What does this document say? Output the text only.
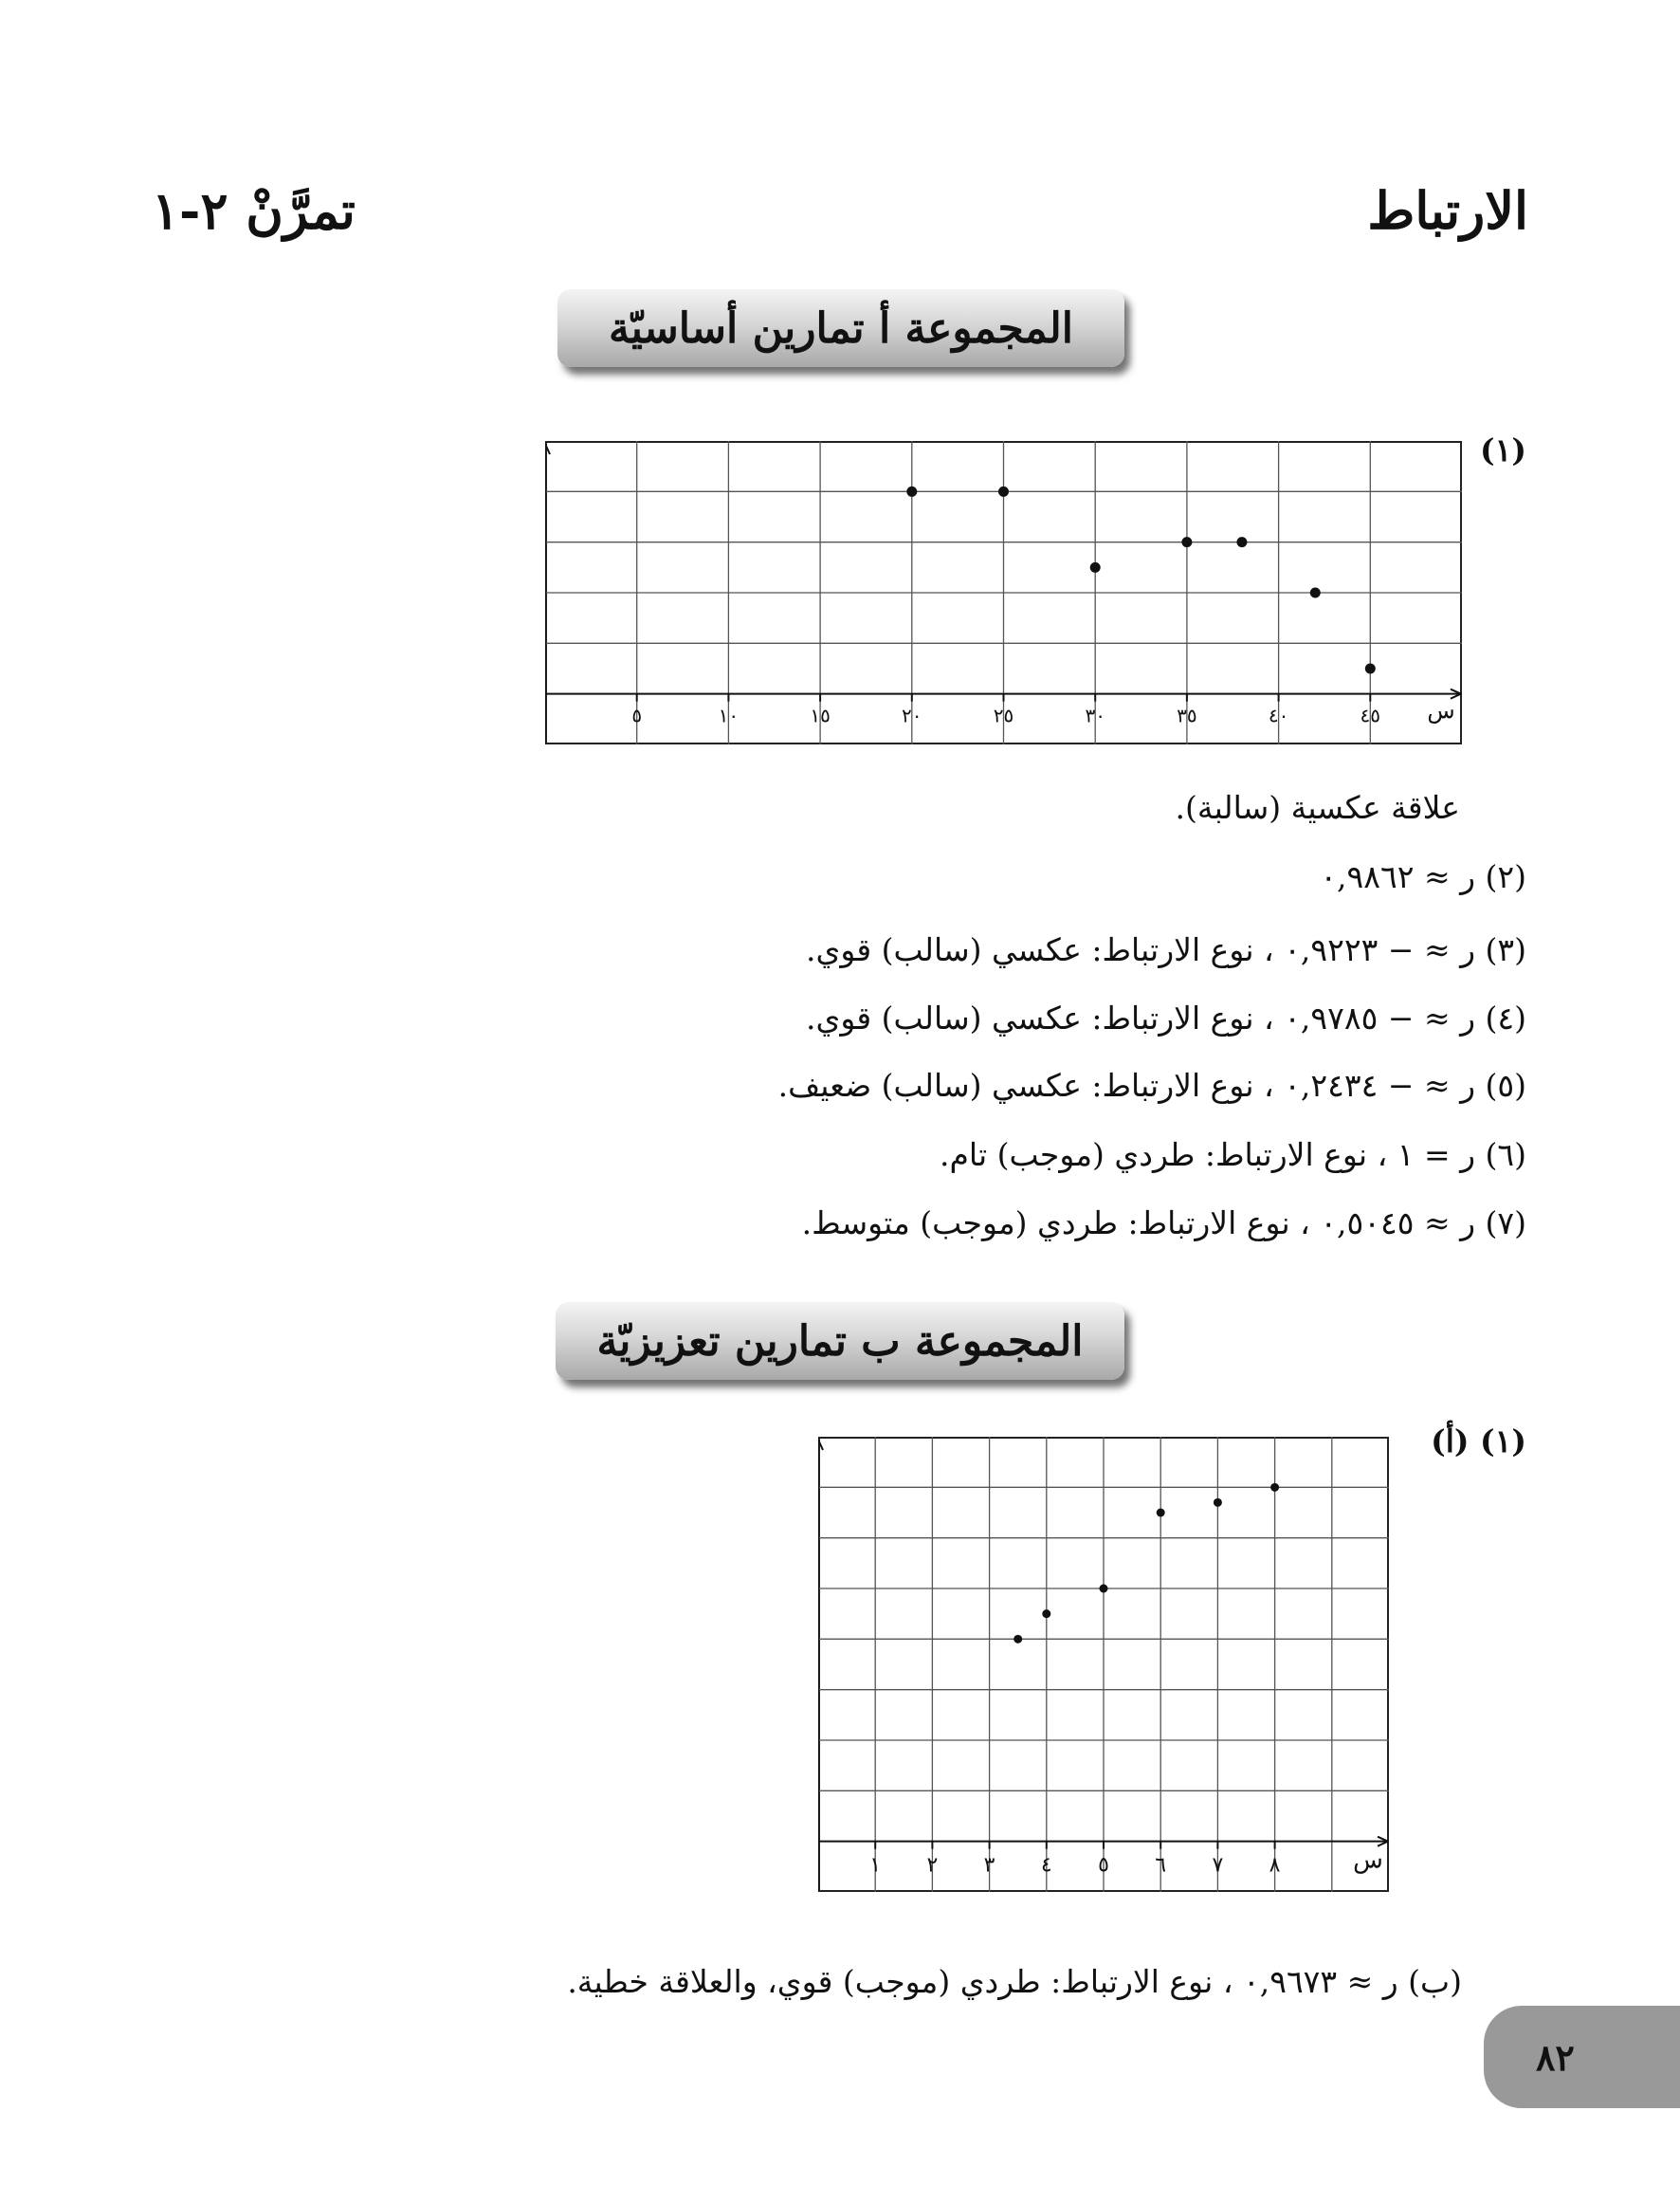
الارتباط
تمرَّنْ ٢-١
المجموعة أ تمارين أساسيّة
(١)
٥	١٠	١٥	٢٠	٢٥	٣٠	٣٥	٤٠	٤٥ س
علاقة عكسية (سالبة).
(٢) ر ≈ ٠,٩٨٦٢
(٣) ر ≈ − ٠,٩٢٢٣ ، نوع الارتباط: عكسي (سالب) قوي.
(٤) ر ≈ − ٠,٩٧٨٥ ، نوع الارتباط: عكسي (سالب) قوي.
(٥) ر ≈ − ٠,٢٤٣٤ ، نوع الارتباط: عكسي (سالب) ضعيف.
(٦) ر = ١ ، نوع الارتباط: طردي (موجب) تام.
(٧) ر ≈ ٠,٥٠٤٥ ، نوع الارتباط: طردي (موجب) متوسط.
المجموعة ب تمارين تعزيزيّة
(١) (أ)
١ ٢ ٣ ٤ ٥ ٦ ٧ ٨	س
(ب) ر ≈ ٠,٩٦٧٣ ، نوع الارتباط: طردي (موجب) قوي، والعلاقة خطية.
٨٢
